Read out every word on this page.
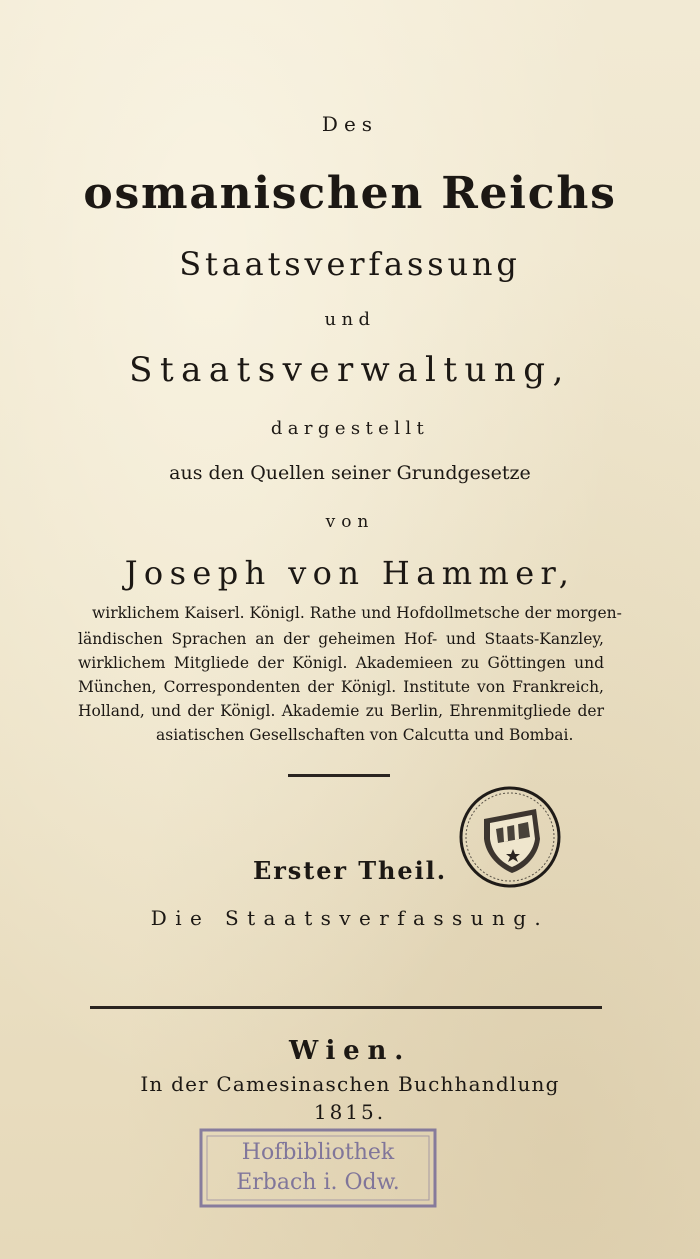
Des
osmanischen Reichs
Staatsverfassung
und
Staatsverwaltung,
dargestellt
aus den Quellen seiner Grundgesetze
von
Joseph von Hammer,
wirklichem Kaiserl. Königl. Rathe und Hofdollmetsche der morgen-
ländischen Sprachen an der geheimen Hof- und Staats-Kanzley,
wirklichem Mitgliede der Königl. Akademieen zu Göttingen und
München, Correspondenten der Königl. Institute von Frankreich,
Holland, und der Königl. Akademie zu Berlin, Ehrenmitgliede der
asiatischen Gesellschaften von Calcutta und Bombai.
Erster Theil.
Die Staatsverfassung.
Wien.
In der Camesinaschen Buchhandlung
1815.
Hofbibliothek
Erbach i. Odw.
